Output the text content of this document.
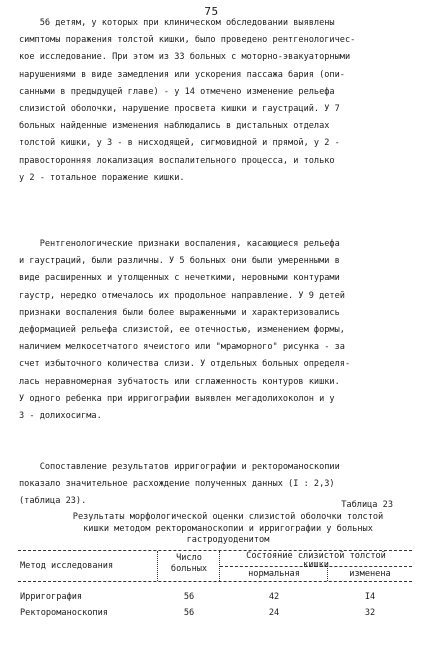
75
56 детям, у которых при клиническом обследовании выявлены
симптомы поражения толстой кишки, было проведено рентгенологичес-
кое исследование. При этом из 33 больных с моторно-эвакуаторными
нарушениями в виде замедления или ускорения пассажа бария (опи-
санными в предыдущей главе) - у 14 отмечено изменение рельефа
слизистой оболочки, нарушение просвета кишки и гаустраций. У 7
больных найденные изменения наблюдались в дистальных отделах
толстой кишки, у 3 - в нисходящей, сигмовидной и прямой, у 2 -
правосторонняя локализация воспалительного процесса, и только
у 2 - тотальное поражение кишки.
Рентгенологические признаки воспаления, касающиеся рельефа
и гаустраций, были различны. У 5 больных они были умеренными в
виде расширенных и утолщенных с нечеткими, неровными контурами
гаустр, нередко отмечалось их продольное направление. У 9 детей
признаки воспаления были более выраженными и характеризовались
деформацией рельефа слизистой, ее отечностью, изменением формы,
наличием мелкосетчатого ячеистого или "мраморного" рисунка - за
счет избыточного количества слизи. У отдельных больных определя-
лась неравномерная зубчатость или сглаженность контуров кишки.
У одного ребенка при ирригографии выявлен мегадолихоколон и у
3 - долихосигма.
Сопоставление результатов ирригографии и ректороманоскопии
показало значительное расхождение полученных данных (I : 2,3)
(таблица 23).	Таблица 23
Результаты морфологической оценки слизистой оболочки толстой
кишки методом ректороманоскопии и ирригографии у больных
гастродуоденитом
Метод исследования
Число
больных
Состояние слизистой толстой
кишки
нормальная	изменена
Ирригография	56	42	I4
Ректороманоскопия	56	24	32
